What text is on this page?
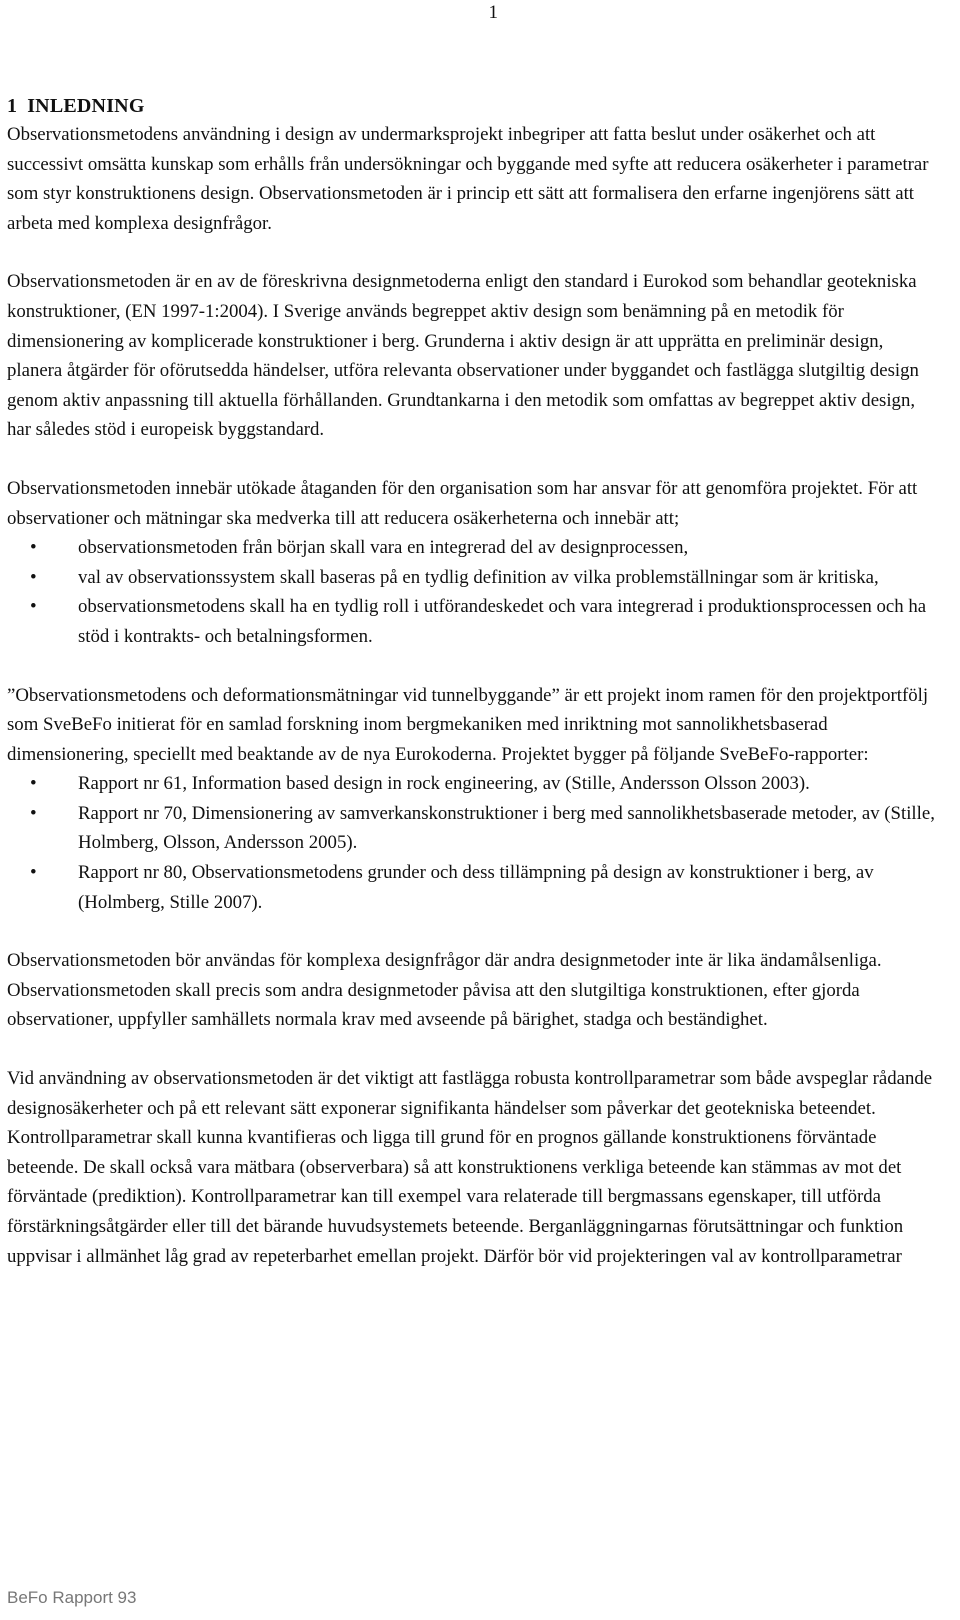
1
1 INLEDNING

Observationsmetodens användning i design av undermarksprojekt inbegriper att fatta beslut under osäkerhet och att successivt omsätta kunskap som erhålls från undersökningar och byggande med syfte att reducera osäkerheter i parametrar som styr konstruktionens design. Observationsmetoden är i princip ett sätt att formalisera den erfarne ingenjörens sätt att arbeta med komplexa designfrågor.

Observationsmetoden är en av de föreskrivna designmetoderna enligt den standard i Eurokod som behandlar geotekniska konstruktioner, (EN 1997-1:2004). I Sverige används begreppet aktiv design som benämning på en metodik för dimensionering av komplicerade konstruktioner i berg. Grunderna i aktiv design är att upprätta en preliminär design, planera åtgärder för oförutsedda händelser, utföra relevanta observationer under byggandet och fastlägga slutgiltig design genom aktiv anpassning till aktuella förhållanden. Grundtankarna i den metodik som omfattas av begreppet aktiv design, har således stöd i europeisk byggstandard.

Observationsmetoden innebär utökade åtaganden för den organisation som har ansvar för att genomföra projektet. För att observationer och mätningar ska medverka till att reducera osäkerheterna och innebär att;

• observationsmetoden från början skall vara en integrerad del av designprocessen,
• val av observationssystem skall baseras på en tydlig definition av vilka problemställningar som är kritiska,
• observationsmetodens skall ha en tydlig roll i utförandeskedet och vara integrerad i produktionsprocessen och ha stöd i kontrakts- och betalningsformen.

”Observationsmetodens och deformationsmätningar vid tunnelbyggande” är ett projekt inom ramen för den projektportfölj som SveBeFo initierat för en samlad forskning inom bergmekaniken med inriktning mot sannolikhetsbaserad dimensionering, speciellt med beaktande av de nya Eurokoderna. Projektet bygger på följande SveBeFo-rapporter:

• Rapport nr 61, Information based design in rock engineering, av (Stille, Andersson Olsson 2003).
• Rapport nr 70, Dimensionering av samverkanskonstruktioner i berg med sannolikhetsbaserade metoder, av (Stille, Holmberg, Olsson, Andersson 2005).
• Rapport nr 80, Observationsmetodens grunder och dess tillämpning på design av konstruktioner i berg, av (Holmberg, Stille 2007).

Observationsmetoden bör användas för komplexa designfrågor där andra designmetoder inte är lika ändamålsenliga. Observationsmetoden skall precis som andra designmetoder påvisa att den slutgiltiga konstruktionen, efter gjorda observationer, uppfyller samhällets normala krav med avseende på bärighet, stadga och beständighet.

Vid användning av observationsmetoden är det viktigt att fastlägga robusta kontrollparametrar som både avspeglar rådande designosäkerheter och på ett relevant sätt exponerar signifikanta händelser som påverkar det geotekniska beteendet. Kontrollparametrar skall kunna kvantifieras och ligga till grund för en prognos gällande konstruktionens förväntade beteende. De skall också vara mätbara (observerbara) så att konstruktionens verkliga beteende kan stämmas av mot det förväntade (prediktion). Kontrollparametrar kan till exempel vara relaterade till bergmassans egenskaper, till utförda förstärkningsåtgärder eller till det bärande huvudsystemets beteende. Berganläggningarnas förutsättningar och funktion uppvisar i allmänhet låg grad av repeterbarhet emellan projekt. Därför bör vid projekteringen val av kontrollparametrar

BeFo Rapport 93
